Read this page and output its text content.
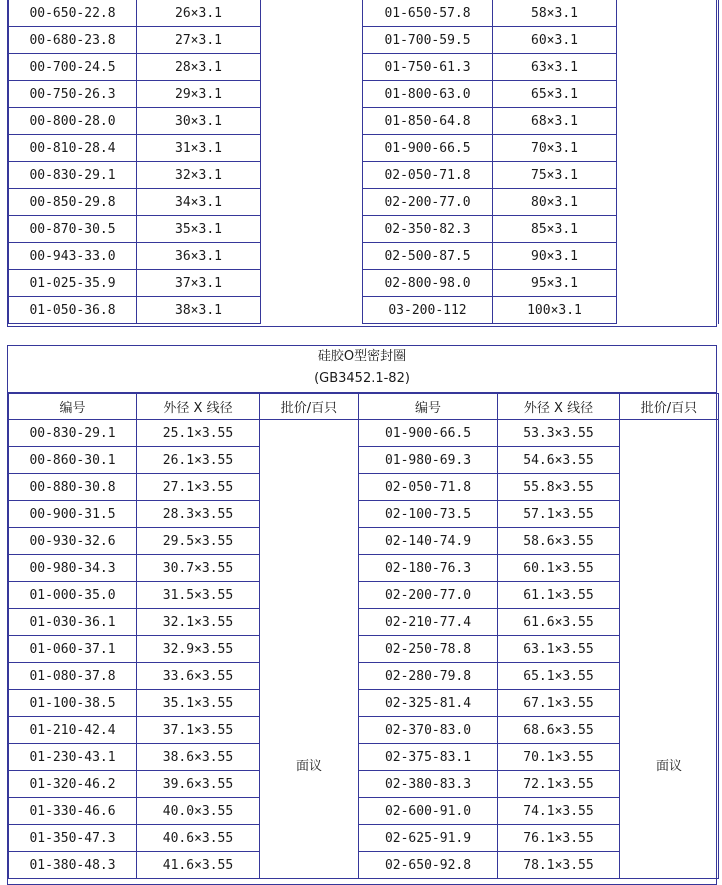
00-650-22.8	26×3.1		01-650-57.8	58×3.1	
00-680-23.8	27×3.1		01-700-59.5	60×3.1	
00-700-24.5	28×3.1		01-750-61.3	63×3.1	
00-750-26.3	29×3.1		01-800-63.0	65×3.1	
00-800-28.0	30×3.1		01-850-64.8	68×3.1	
00-810-28.4	31×3.1		01-900-66.5	70×3.1	
00-830-29.1	32×3.1		02-050-71.8	75×3.1	
00-850-29.8	34×3.1		02-200-77.0	80×3.1	
00-870-30.5	35×3.1		02-350-82.3	85×3.1	
00-943-33.0	36×3.1		02-500-87.5	90×3.1	
01-025-35.9	37×3.1		02-800-98.0	95×3.1	
01-050-36.8	38×3.1		03-200-112	100×3.1	
硅胶O型密封圈
(GB3452.1-82)
编号	外径 X 线径	批价/百只	编号	外径 X 线径	批价/百只
00-830-29.1	25.1×3.55	面议	01-900-66.5	53.3×3.55	面议
00-860-30.1	26.1×3.55		01-980-69.3	54.6×3.55	
00-880-30.8	27.1×3.55		02-050-71.8	55.8×3.55	
00-900-31.5	28.3×3.55		02-100-73.5	57.1×3.55	
00-930-32.6	29.5×3.55		02-140-74.9	58.6×3.55	
00-980-34.3	30.7×3.55		02-180-76.3	60.1×3.55	
01-000-35.0	31.5×3.55		02-200-77.0	61.1×3.55	
01-030-36.1	32.1×3.55		02-210-77.4	61.6×3.55	
01-060-37.1	32.9×3.55		02-250-78.8	63.1×3.55	
01-080-37.8	33.6×3.55		02-280-79.8	65.1×3.55	
01-100-38.5	35.1×3.55		02-325-81.4	67.1×3.55	
01-210-42.4	37.1×3.55		02-370-83.0	68.6×3.55	
01-230-43.1	38.6×3.55		02-375-83.1	70.1×3.55	
01-320-46.2	39.6×3.55		02-380-83.3	72.1×3.55	
01-330-46.6	40.0×3.55		02-600-91.0	74.1×3.55	
01-350-47.3	40.6×3.55		02-625-91.9	76.1×3.55	
01-380-48.3	41.6×3.55		02-650-92.8	78.1×3.55	
